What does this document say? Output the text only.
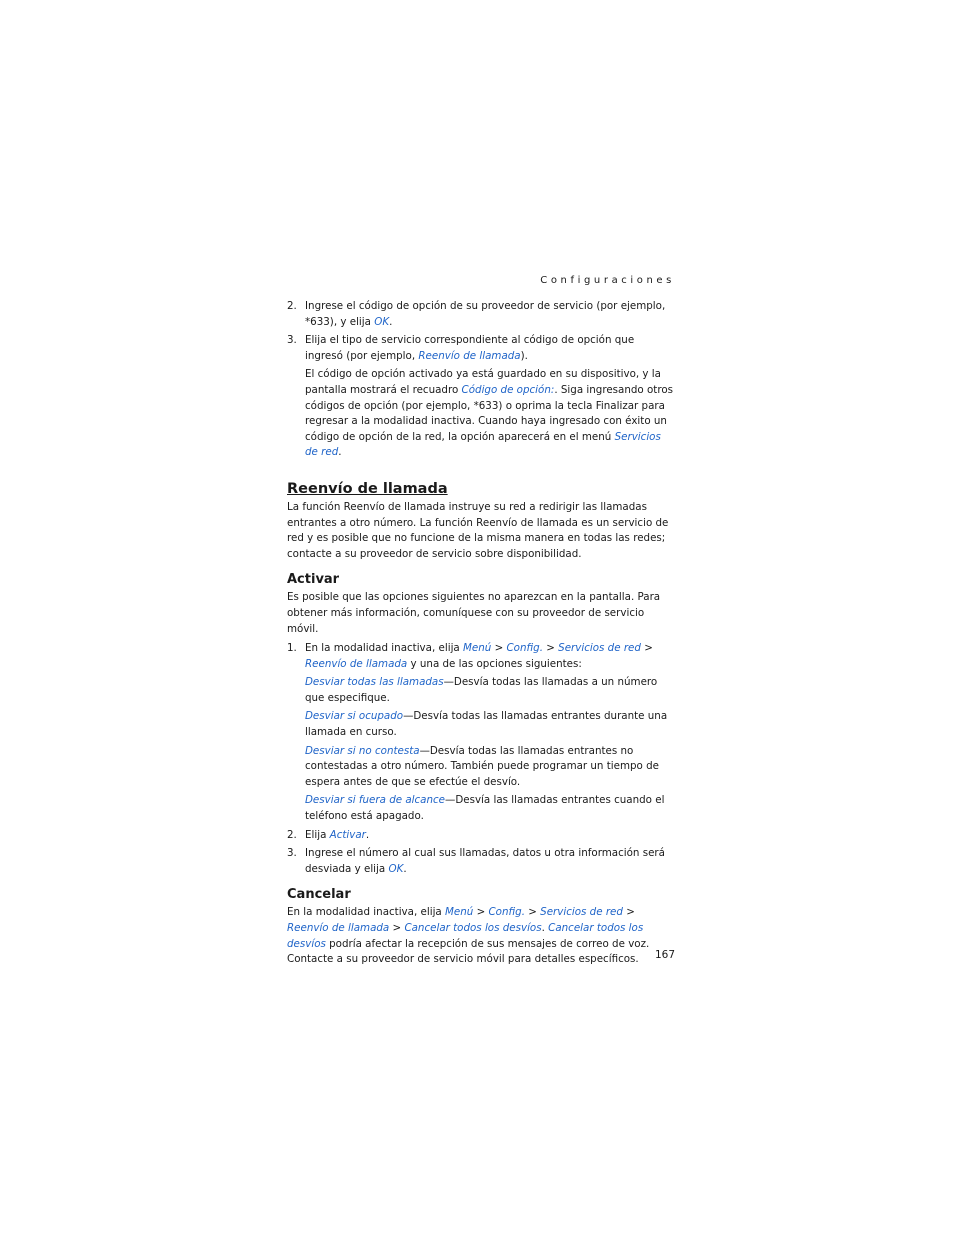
Configuraciones

2. Ingrese el código de opción de su proveedor de servicio (por ejemplo, *633), y elija OK.

3. Elija el tipo de servicio correspondiente al código de opción que ingresó (por ejemplo, Reenvío de llamada).

El código de opción activado ya está guardado en su dispositivo, y la pantalla mostrará el recuadro Código de opción:. Siga ingresando otros códigos de opción (por ejemplo, *633) o oprima la tecla Finalizar para regresar a la modalidad inactiva. Cuando haya ingresado con éxito un código de opción de la red, la opción aparecerá en el menú Servicios de red.

Reenvío de llamada

La función Reenvío de llamada instruye su red a redirigir las llamadas entrantes a otro número. La función Reenvío de llamada es un servicio de red y es posible que no funcione de la misma manera en todas las redes; contacte a su proveedor de servicio sobre disponibilidad.

Activar

Es posible que las opciones siguientes no aparezcan en la pantalla. Para obtener más información, comuníquese con su proveedor de servicio móvil.

1. En la modalidad inactiva, elija Menú > Config. > Servicios de red > Reenvío de llamada y una de las opciones siguientes:

Desviar todas las llamadas—Desvía todas las llamadas a un número que especifique.

Desviar si ocupado—Desvía todas las llamadas entrantes durante una llamada en curso.

Desviar si no contesta—Desvía todas las llamadas entrantes no contestadas a otro número. También puede programar un tiempo de espera antes de que se efectúe el desvío.

Desviar si fuera de alcance—Desvía las llamadas entrantes cuando el teléfono está apagado.

2. Elija Activar.

3. Ingrese el número al cual sus llamadas, datos u otra información será desviada y elija OK.

Cancelar

En la modalidad inactiva, elija Menú > Config. > Servicios de red > Reenvío de llamada > Cancelar todos los desvíos. Cancelar todos los desvíos podría afectar la recepción de sus mensajes de correo de voz. Contacte a su proveedor de servicio móvil para detalles específicos.	167
